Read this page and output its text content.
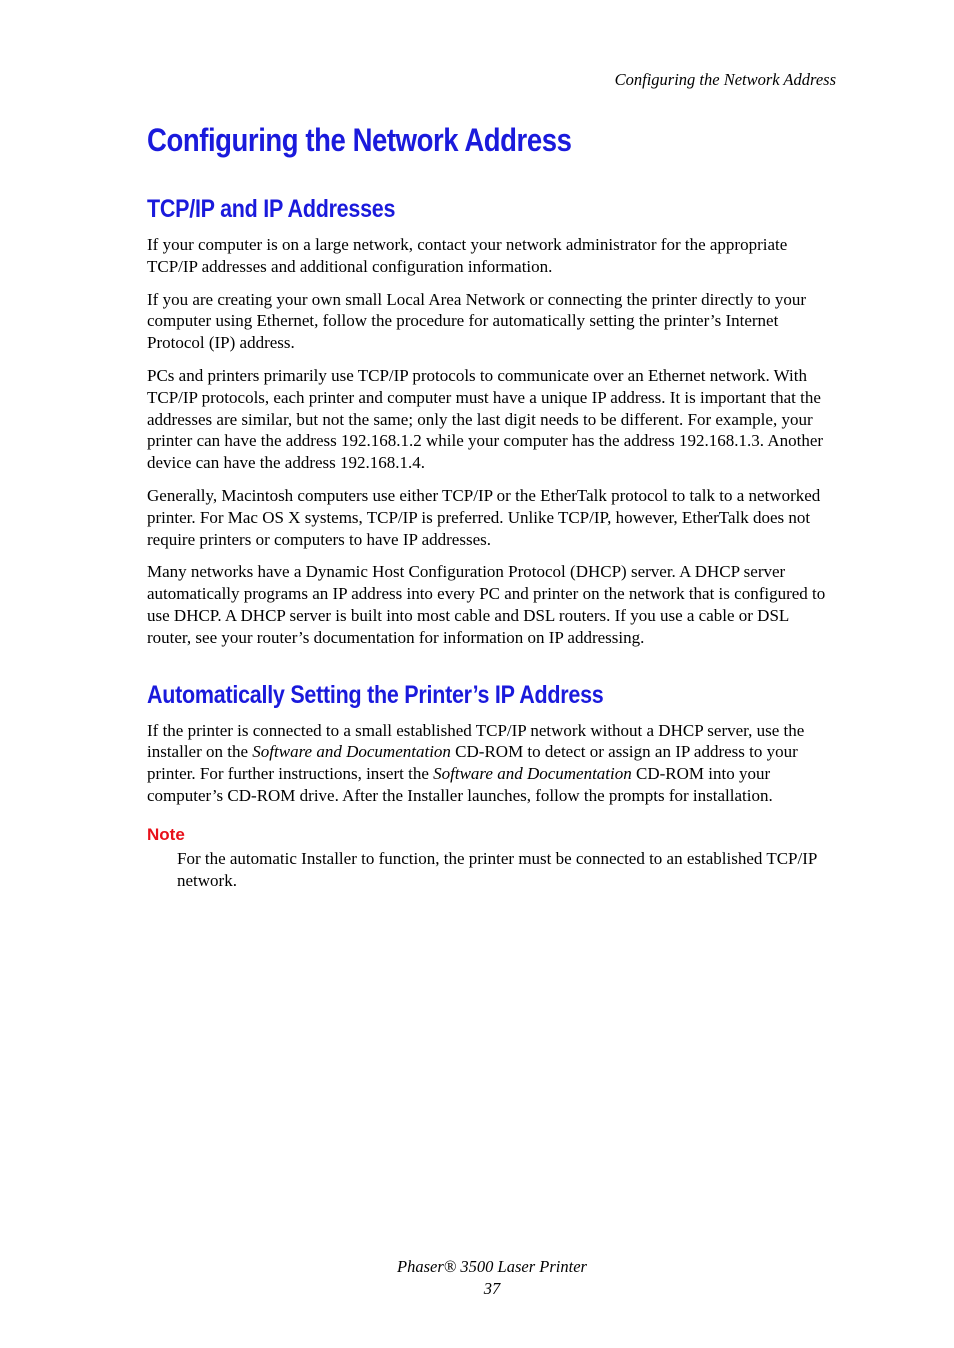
Configuring the Network Address
Configuring the Network Address
TCP/IP and IP Addresses

If your computer is on a large network, contact your network administrator for the appropriate TCP/IP addresses and additional configuration information.

If you are creating your own small Local Area Network or connecting the printer directly to your computer using Ethernet, follow the procedure for automatically setting the printer’s Internet Protocol (IP) address.

PCs and printers primarily use TCP/IP protocols to communicate over an Ethernet network. With TCP/IP protocols, each printer and computer must have a unique IP address. It is important that the addresses are similar, but not the same; only the last digit needs to be different. For example, your printer can have the address 192.168.1.2 while your computer has the address 192.168.1.3. Another device can have the address 192.168.1.4.

Generally, Macintosh computers use either TCP/IP or the EtherTalk protocol to talk to a networked printer. For Mac OS X systems, TCP/IP is preferred. Unlike TCP/IP, however, EtherTalk does not require printers or computers to have IP addresses.

Many networks have a Dynamic Host Configuration Protocol (DHCP) server. A DHCP server automatically programs an IP address into every PC and printer on the network that is configured to use DHCP. A DHCP server is built into most cable and DSL routers. If you use a cable or DSL router, see your router’s documentation for information on IP addressing.

Automatically Setting the Printer’s IP Address

If the printer is connected to a small established TCP/IP network without a DHCP server, use the installer on the Software and Documentation CD-ROM to detect or assign an IP address to your printer. For further instructions, insert the Software and Documentation CD-ROM into your computer’s CD-ROM drive. After the Installer launches, follow the prompts for installation.

Note

For the automatic Installer to function, the printer must be connected to an established TCP/IP network.

Phaser® 3500 Laser Printer
37
